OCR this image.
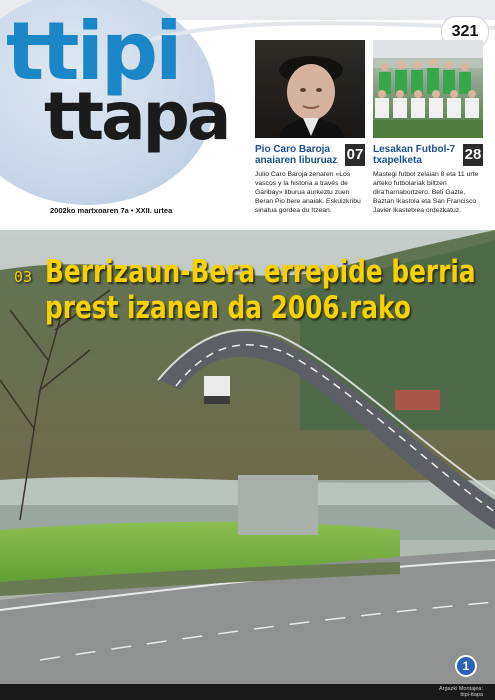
ttipi
ttapa
321
2002ko martxoaren 7a • XXII. urtea
Pio Caro Baroja anaiaren liburuaz 07
Julio Caro Baroja zenaren «Los vascos y la historia a través de Garibay» liburua aurkeztu zuen Beran Pio bere anaiak. Eskuizkribu sinatua gordea du Itzean.
Lesakan Futbol-7 txapelketa	28
Mastegi futbol zelaian 8 eta 11 urte arteko futbolariak biltzen dira'harnabortzero. Beti Gazte, Baztan Ikastola eta San Francisco Javier Ikastetxea ordezkatuz.
03 Berrizaun-Bera errepide berria
prest izanen da 2006.rako
1
Argazki Montajea:
ttipi-ttapa
